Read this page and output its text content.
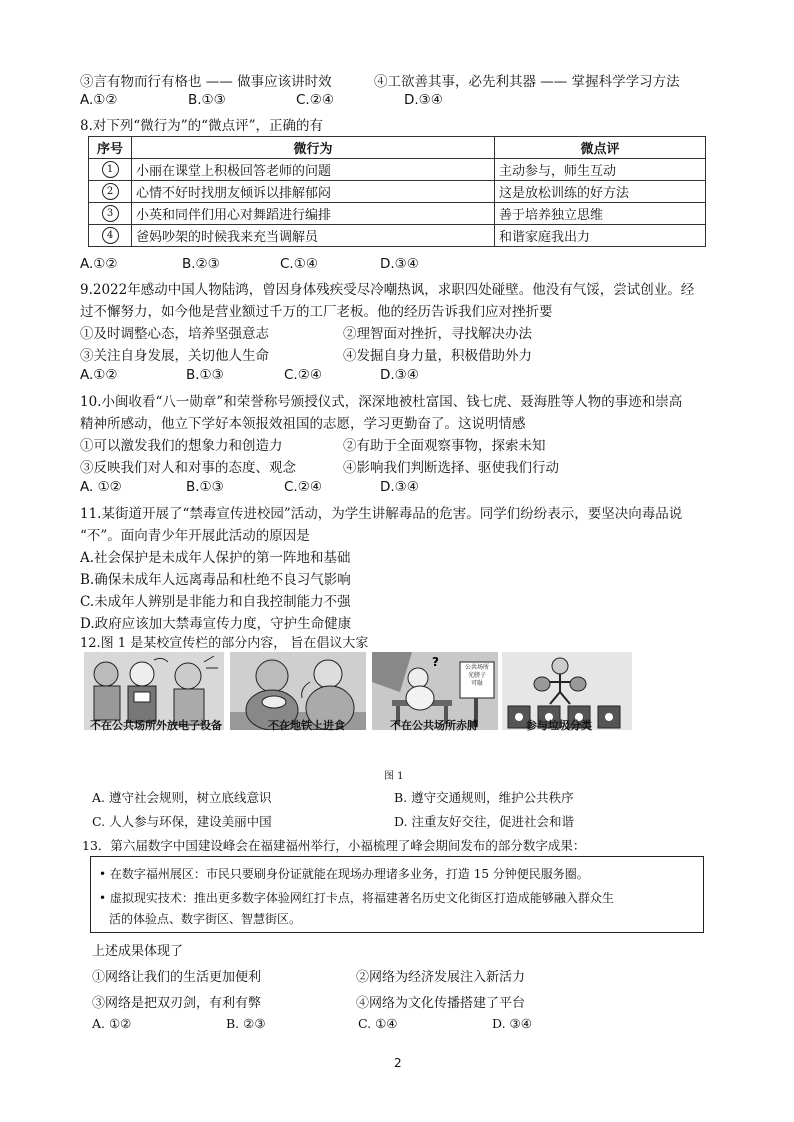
③言有物而行有格也 —— 做事应该讲时效	④工欲善其事，必先利其器 —— 掌握科学学习方法
A.①②	B.①③	C.②④	D.③④
8.对下列“微行为”的“微点评”，正确的有
序号	微行为	微点评
1	小丽在课堂上积极回答老师的问题	主动参与，师生互动
2	心情不好时找朋友倾诉以排解郁闷	这是放松训练的好方法
3	小英和同伴们用心对舞蹈进行编排	善于培养独立思维
4	爸妈吵架的时候我来充当调解员	和谐家庭我出力
A.①②	B.②③	C.①④	D.③④
9.2022年感动中国人物陆鸿，曾因身体残疾受尽冷嘲热讽，求职四处碰壁。他没有气馁，尝试创业。经
过不懈努力，如今他是营业额过千万的工厂老板。他的经历告诉我们应对挫折要
①及时调整心态，培养坚强意志	②理智面对挫折，寻找解决办法
③关注自身发展，关切他人生命	④发掘自身力量，积极借助外力
A.①②	B.①③	C.②④	D.③④
10.小闽收看“八一勋章”和荣誉称号颁授仪式，深深地被杜富国、钱七虎、聂海胜等人物的事迹和崇高
精神所感动，他立下学好本领报效祖国的志愿，学习更勤奋了。这说明情感
①可以激发我们的想象力和创造力	②有助于全面观察事物，探索未知
③反映我们对人和对事的态度、观念	④影响我们判断选择、驱使我们行动
A. ①②	B.①③	C.②④	D.③④
11.某街道开展了“禁毒宣传进校园”活动，为学生讲解毒品的危害。同学们纷纷表示，要坚决向毒品说
“不”。面向青少年开展此活动的原因是
A.社会保护是未成年人保护的第一阵地和基础
B.确保未成年人远离毒品和杜绝不良习气影响
C.未成年人辨别是非能力和自我控制能力不强
D.政府应该加大禁毒宣传力度，守护生命健康
12.图 1 是某校宣传栏的部分内容， 旨在倡议大家
?	公共场所
光膀子
可耻
不在公共场所外放电子设备	不在地铁上进食	不在公共场所赤膊	参与垃圾分类
图 1
A. 遵守社会规则，树立底线意识	B. 遵守交通规则，维护公共秩序
C. 人人参与环保，建设美丽中国	D. 注重友好交往，促进社会和谐
13．第六届数字中国建设峰会在福建福州举行，小福梳理了峰会期间发布的部分数字成果：
• 在数字福州展区：市民只要刷身份证就能在现场办理诸多业务，打造 15 分钟便民服务圈。
• 虚拟现实技术：推出更多数字体验网红打卡点，将福建著名历史文化街区打造成能够融入群众生
活的体验点、数字街区、智慧街区。
上述成果体现了
①网络让我们的生活更加便利	②网络为经济发展注入新活力
③网络是把双刃剑，有利有弊	④网络为文化传播搭建了平台
A. ①②	B. ②③	C. ①④	D. ③④
2
